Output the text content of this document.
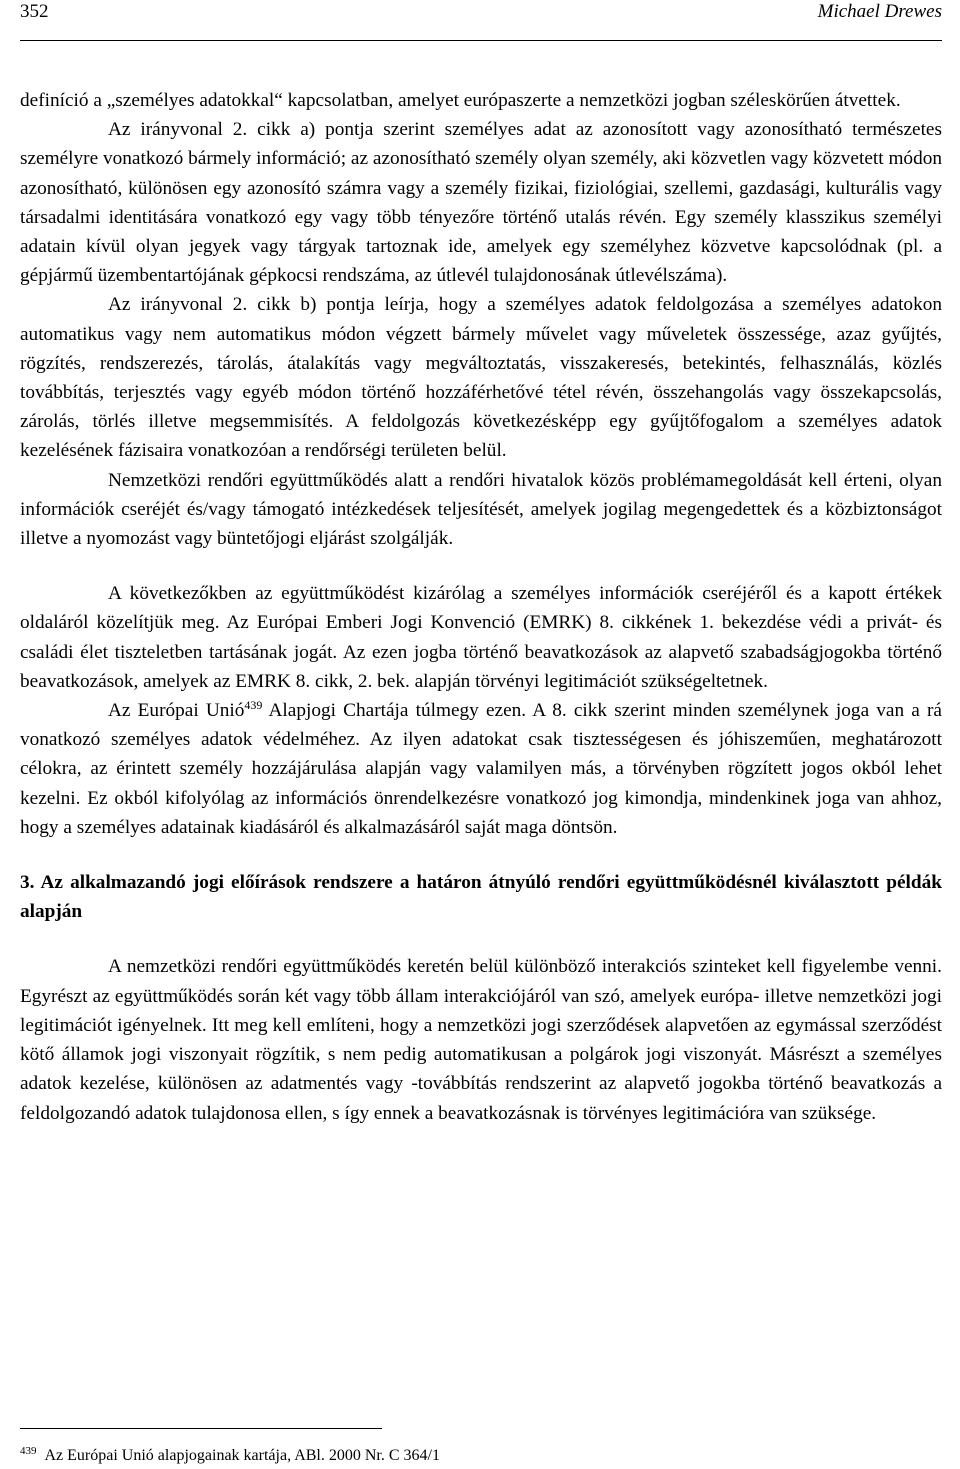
352	Michael Drewes

definíció a „személyes adatokkal“ kapcsolatban, amelyet európaszerte a nemzetközi jogban széleskörűen átvettek.

Az irányvonal 2. cikk a) pontja szerint személyes adat az azonosított vagy azonosítható természetes személyre vonatkozó bármely információ; az azonosítható személy olyan személy, aki közvetlen vagy közvetett módon azonosítható, különösen egy azonosító számra vagy a személy fizikai, fiziológiai, szellemi, gazdasági, kulturális vagy társadalmi identitására vonatkozó egy vagy több tényezőre történő utalás révén. Egy személy klasszikus személyi adatain kívül olyan jegyek vagy tárgyak tartoznak ide, amelyek egy személyhez közvetve kapcsolódnak (pl. a gépjármű üzembentartójának gépkocsi rendszáma, az útlevél tulajdonosának útlevélszáma).

Az irányvonal 2. cikk b) pontja leírja, hogy a személyes adatok feldolgozása a személyes adatokon automatikus vagy nem automatikus módon végzett bármely művelet vagy műveletek összessége, azaz gyűjtés, rögzítés, rendszerezés, tárolás, átalakítás vagy megváltoztatás, visszakeresés, betekintés, felhasználás, közlés továbbítás, terjesztés vagy egyéb módon történő hozzáférhetővé tétel révén, összehangolás vagy összekapcsolás, zárolás, törlés illetve megsemmisítés. A feldolgozás következésképp egy gyűjtőfogalom a személyes adatok kezelésének fázisaira vonatkozóan a rendőrségi területen belül.

Nemzetközi rendőri együttműködés alatt a rendőri hivatalok közös problémamegoldását kell érteni, olyan információk cseréjét és/vagy támogató intézkedések teljesítését, amelyek jogilag megengedettek és a közbiztonságot illetve a nyomozást vagy büntetőjogi eljárást szolgálják.

A következőkben az együttműködést kizárólag a személyes információk cseréjéről és a kapott értékek oldaláról közelítjük meg. Az Európai Emberi Jogi Konvenció (EMRK) 8. cikkének 1. bekezdése védi a privát- és családi élet tiszteletben tartásának jogát. Az ezen jogba történő beavatkozások az alapvető szabadságjogokba történő beavatkozások, amelyek az EMRK 8. cikk, 2. bek. alapján törvényi legitimációt szükségeltetnek.

Az Európai Unió$^{439}$ Alapjogi Chartája túlmegy ezen. A 8. cikk szerint minden személynek joga van a rá vonatkozó személyes adatok védelméhez. Az ilyen adatokat csak tisztességesen és jóhiszeműen, meghatározott célokra, az érintett személy hozzájárulása alapján vagy valamilyen más, a törvényben rögzített jogos okból lehet kezelni. Ez okból kifolyólag az információs önrendelkezésre vonatkozó jog kimondja, mindenkinek joga van ahhoz, hogy a személyes adatainak kiadásáról és alkalmazásáról saját maga döntsön.

3. Az alkalmazandó jogi előírások rendszere a határon átnyúló rendőri együttműködésnél kiválasztott példák alapján

A nemzetközi rendőri együttműködés keretén belül különböző interakciós szinteket kell figyelembe venni. Egyrészt az együttműködés során két vagy több állam interakciójáról van szó, amelyek európa- illetve nemzetközi jogi legitimációt igényelnek. Itt meg kell említeni, hogy a nemzetközi jogi szerződések alapvetően az egymással szerződést kötő államok jogi viszonyait rögzítik, s nem pedig automatikusan a polgárok jogi viszonyát. Másrészt a személyes adatok kezelése, különösen az adatmentés vagy -továbbítás rendszerint az alapvető jogokba történő beavatkozás a feldolgozandó adatok tulajdonosa ellen, s így ennek a beavatkozásnak is törvényes legitimációra van szüksége.

$^{439}$ Az Európai Unió alapjogainak kartája, ABl. 2000 Nr. C 364/1
